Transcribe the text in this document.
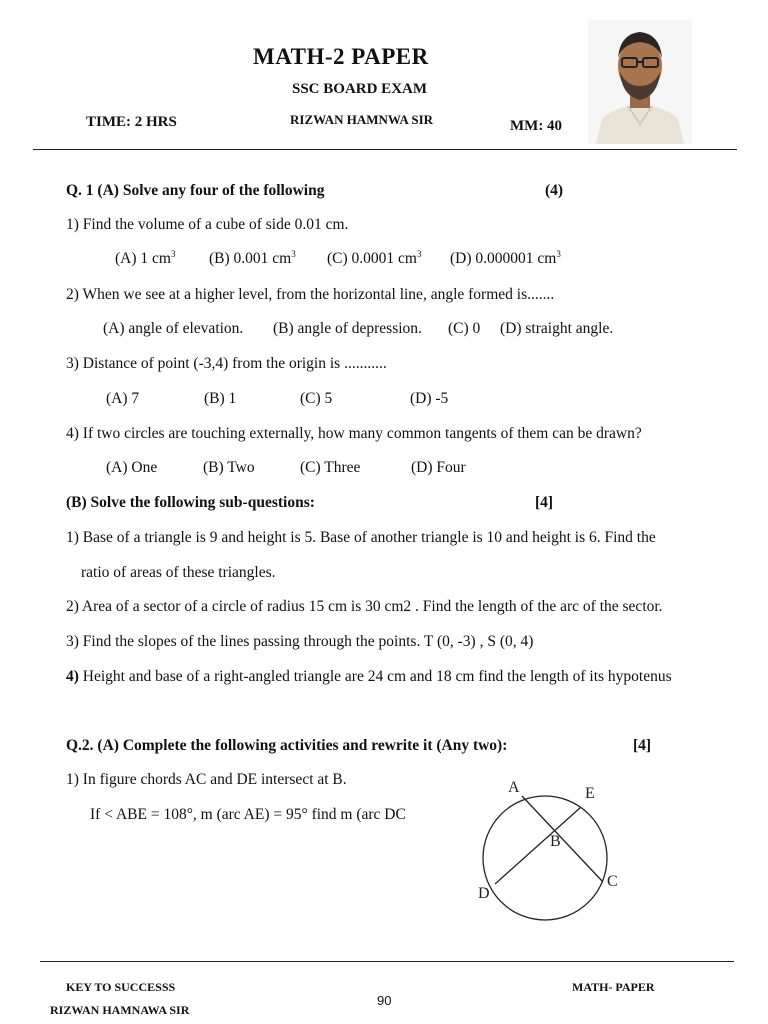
MATH-2 PAPER
SSC BOARD EXAM
TIME: 2 HRS	RIZWAN HAMNWA SIR	MM: 40
Q. 1 (A) Solve any four of the following	(4)
1) Find the volume of a cube of side 0.01 cm.
(A) 1 $cm^3$ (B) 0.001 $cm^3$ (C) 0.0001 $cm^3$ (D) 0.000001 $cm^3$
2) When we see at a higher level, from the horizontal line, angle formed is.......
(A) angle of elevation. (B) angle of depression. (C) 0 (D) straight angle.
3) Distance of point (-3,4) from the origin is ...........
(A) 7	(B) 1	(C) 5	(D) -5
4) If two circles are touching externally, how many common tangents of them can be drawn?
(A) One	(B) Two	(C) Three	(D) Four
(B) Solve the following sub-questions:	[4]
1) Base of a triangle is 9 and height is 5. Base of another triangle is 10 and height is 6. Find the
ratio of areas of these triangles.
2) Area of a sector of a circle of radius 15 cm is 30 cm2 . Find the length of the arc of the sector.
3) Find the slopes of the lines passing through the points. T (0, -3) , S (0, 4)
4) Height and base of a right-angled triangle are 24 cm and 18 cm find the length of its hypotenus
Q.2. (A) Complete the following activities and rewrite it (Any two):	[4]
1) In figure chords AC and DE intersect at B.
If < ABE = 108°, m (arc AE) = 95° find m (arc DC
A	E
B
C
D
KEY TO SUCCESSS
RIZWAN HAMNAWA SIR
MATH- PAPER
90
